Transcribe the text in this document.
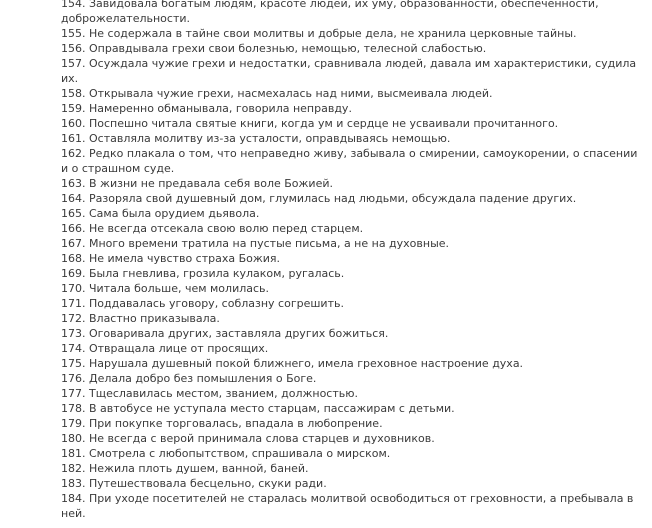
154. Завидовала богатым людям, красоте людей, их уму, образованности, обеспеченности, доброжелательности.
155. Не содержала в тайне свои молитвы и добрые дела, не хранила церковные тайны.
156. Оправдывала грехи свои болезнью, немощью, телесной слабостью.
157. Осуждала чужие грехи и недостатки, сравнивала людей, давала им характеристики, судила их.
158. Открывала чужие грехи, насмехалась над ними, высмеивала людей.
159. Намеренно обманывала, говорила неправду.
160. Поспешно читала святые книги, когда ум и сердце не усваивали прочитанного.
161. Оставляла молитву из-за усталости, оправдываясь немощью.
162. Редко плакала о том, что неправедно живу, забывала о смирении, самоукорении, о спасении и о страшном суде.
163. В жизни не предавала себя воле Божией.
164. Разоряла свой душевный дом, глумилась над людьми, обсуждала падение других.
165. Сама была орудием дьявола.
166. Не всегда отсекала свою волю перед старцем.
167. Много времени тратила на пустые письма, а не на духовные.
168. Не имела чувство страха Божия.
169. Была гневлива, грозила кулаком, ругалась.
170. Читала больше, чем молилась.
171. Поддавалась уговору, соблазну согрешить.
172. Властно приказывала.
173. Оговаривала других, заставляла других божиться.
174. Отвращала лице от просящих.
175. Нарушала душевный покой ближнего, имела греховное настроение духа.
176. Делала добро без помышления о Боге.
177. Тщеславилась местом, званием, должностью.
178. В автобусе не уступала место старцам, пассажирам с детьми.
179. При покупке торговалась, впадала в любопрение.
180. Не всегда с верой принимала слова старцев и духовников.
181. Смотрела с любопытством, спрашивала о мирском.
182. Нежила плоть душем, ванной, баней.
183. Путешествовала бесцельно, скуки ради.
184. При уходе посетителей не старалась молитвой освободиться от греховности, а пребывала в ней.
